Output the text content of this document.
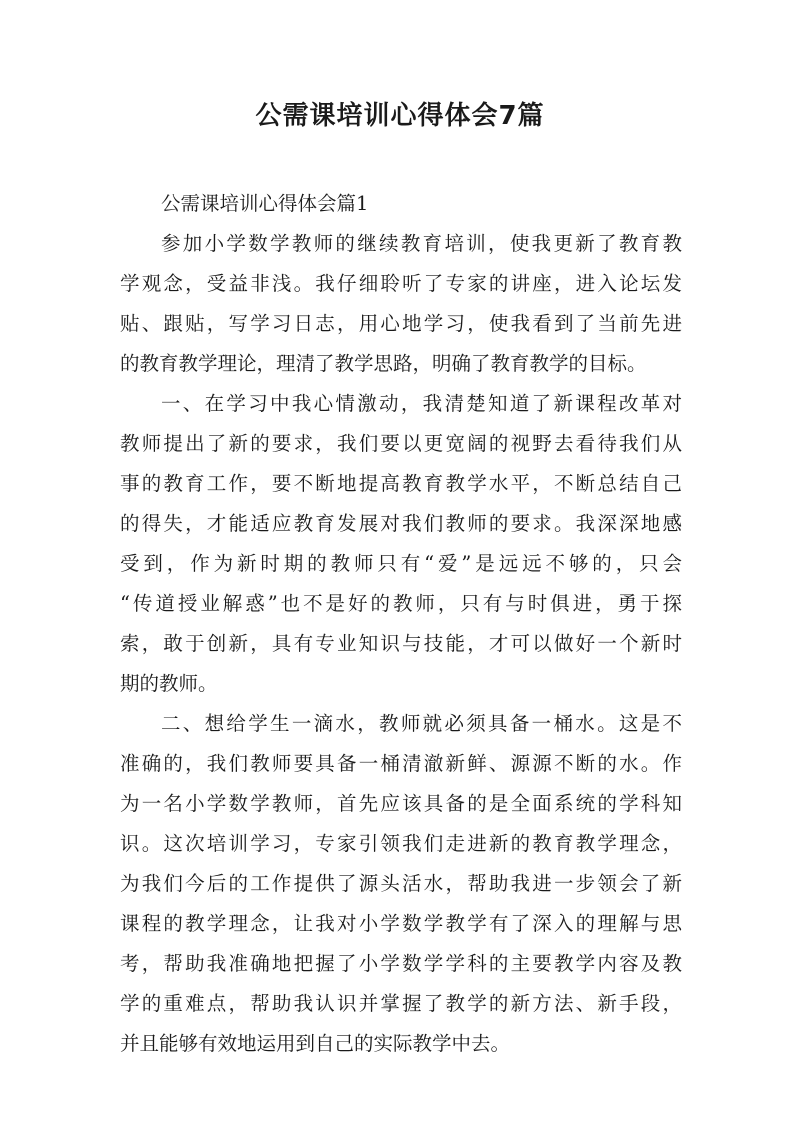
公需课培训心得体会7篇
公需课培训心得体会篇1
参加小学数学教师的继续教育培训，使我更新了教育教
学观念，受益非浅。我仔细聆听了专家的讲座，进入论坛发
贴、跟贴，写学习日志，用心地学习，使我看到了当前先进
的教育教学理论，理清了教学思路，明确了教育教学的目标。
一、在学习中我心情激动，我清楚知道了新课程改革对
教师提出了新的要求，我们要以更宽阔的视野去看待我们从
事的教育工作，要不断地提高教育教学水平，不断总结自己
的得失，才能适应教育发展对我们教师的要求。我深深地感
受到，作为新时期的教师只有“爱”是远远不够的，只会
“传道授业解惑”也不是好的教师，只有与时俱进，勇于探
索，敢于创新，具有专业知识与技能，才可以做好一个新时
期的教师。
二、想给学生一滴水，教师就必须具备一桶水。这是不
准确的，我们教师要具备一桶清澈新鲜、源源不断的水。作
为一名小学数学教师，首先应该具备的是全面系统的学科知
识。这次培训学习，专家引领我们走进新的教育教学理念，
为我们今后的工作提供了源头活水，帮助我进一步领会了新
课程的教学理念，让我对小学数学教学有了深入的理解与思
考，帮助我准确地把握了小学数学学科的主要教学内容及教
学的重难点，帮助我认识并掌握了教学的新方法、新手段，
并且能够有效地运用到自己的实际教学中去。
